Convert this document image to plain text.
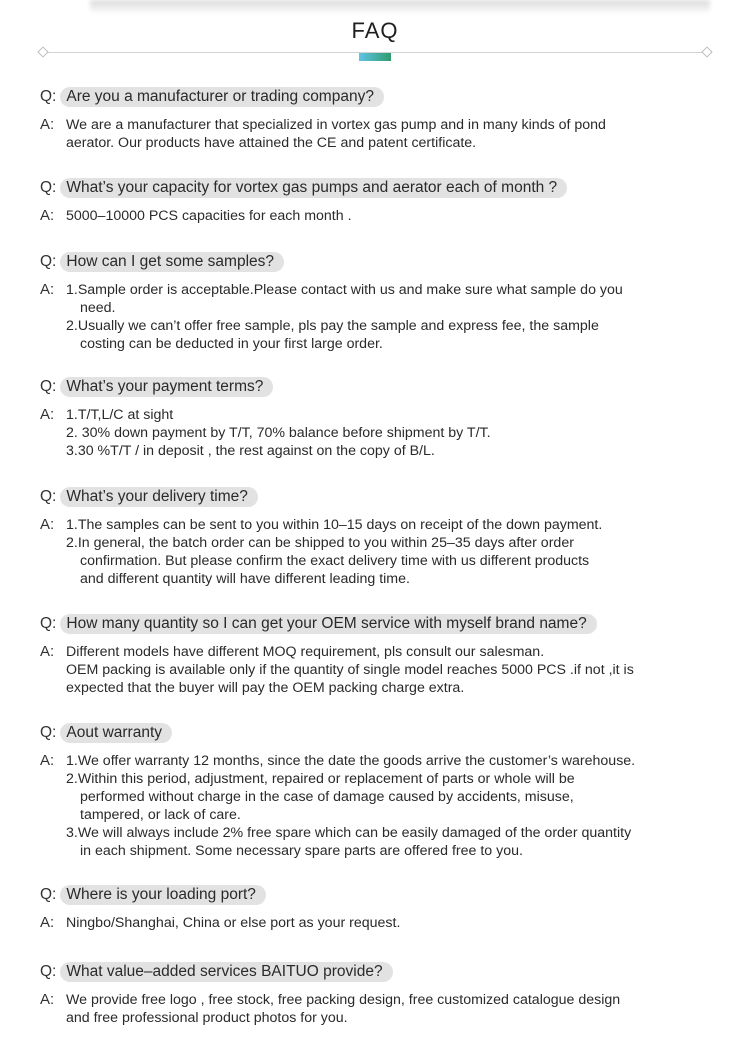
FAQ
Q: Are you a manufacturer or trading company?
A: We are a manufacturer that specialized in vortex gas pump and in many kinds of pond
aerator. Our products have attained the CE and patent certificate.
Q: What’s your capacity for vortex gas pumps and aerator each of month ?
A: 5000–10000 PCS capacities for each month .
Q: How can I get some samples?
A: 1.Sample order is acceptable.Please contact with us and make sure what sample do you
need.
2.Usually we can’t offer free sample, pls pay the sample and express fee, the sample
costing can be deducted in your first large order.
Q: What’s your payment terms?
A: 1.T/T,L/C at sight
2. 30% down payment by T/T, 70% balance before shipment by T/T.
3.30 %T/T / in deposit , the rest against on the copy of B/L.
Q: What’s your delivery time?
A: 1.The samples can be sent to you within 10–15 days on receipt of the down payment.
2.In general, the batch order can be shipped to you within 25–35 days after order
confirmation. But please confirm the exact delivery time with us different products
and different quantity will have different leading time.
Q: How many quantity so I can get your OEM service with myself brand name?
A: Different models have different MOQ requirement, pls consult our salesman.
OEM packing is available only if the quantity of single model reaches 5000 PCS .if not ,it is
expected that the buyer will pay the OEM packing charge extra.
Q: Aout warranty
A: 1.We offer warranty 12 months, since the date the goods arrive the customer’s warehouse.
2.Within this period, adjustment, repaired or replacement of parts or whole will be
performed without charge in the case of damage caused by accidents, misuse,
tampered, or lack of care.
3.We will always include 2% free spare which can be easily damaged of the order quantity
in each shipment. Some necessary spare parts are offered free to you.
Q: Where is your loading port?
A: Ningbo/Shanghai, China or else port as your request.
Q: What value–added services BAITUO provide?
A: We provide free logo , free stock, free packing design, free customized catalogue design
and free professional product photos for you.
